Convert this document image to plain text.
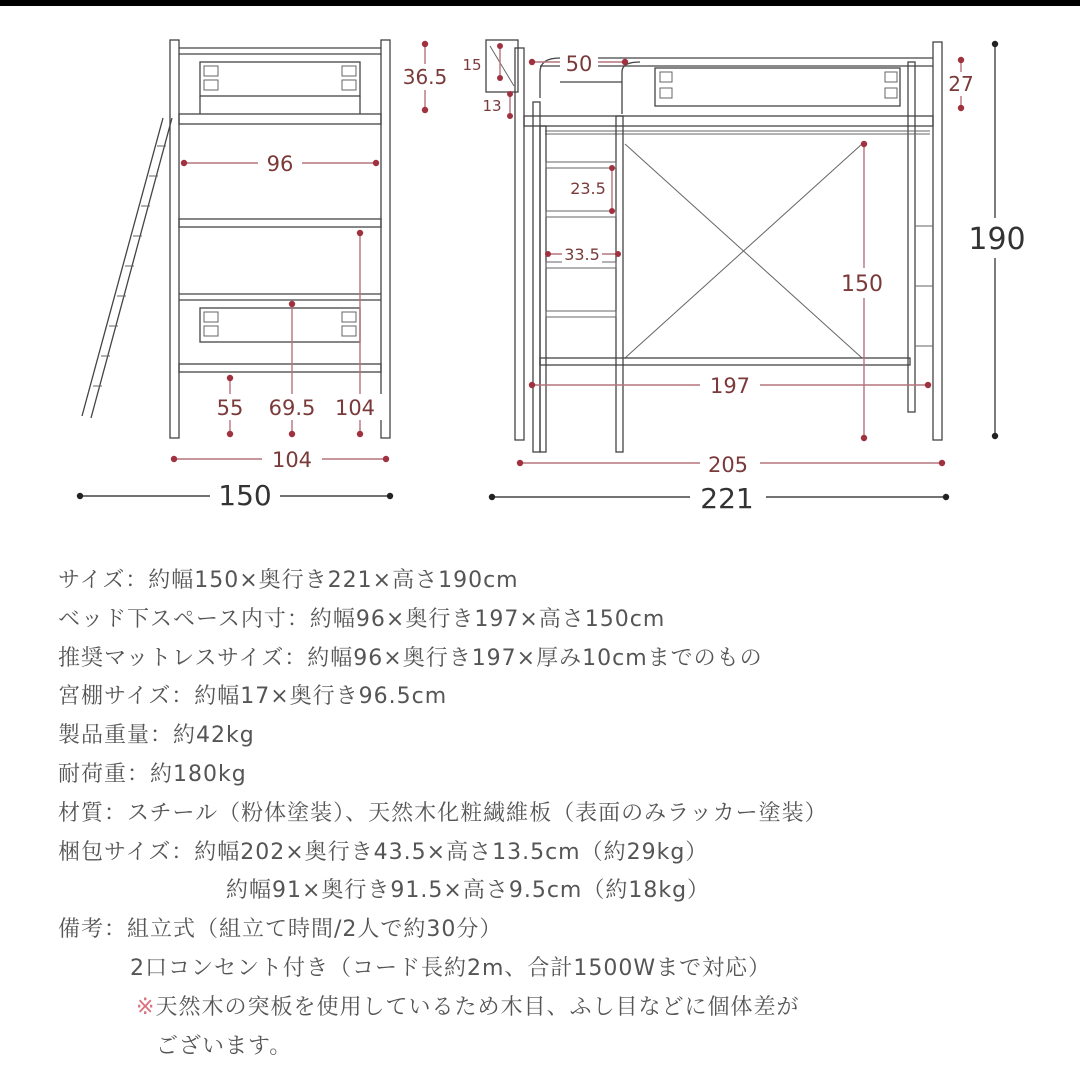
36.5
96
55 69.5 104
104
150
15
13
50
27
23.5
33.5
150
190
197
205
221
サイズ：約幅150×奥行き221×高さ190cm
ベッド下スペース内寸：約幅96×奥行き197×高さ150cm
推奨マットレスサイズ：約幅96×奥行き197×厚み10cmまでのもの
宮棚サイズ：約幅17×奥行き96.5cm
製品重量：約42kg
耐荷重：約180kg
材質：スチール（粉体塗装）、天然木化粧繊維板（表面のみラッカー塗装）
梱包サイズ：約幅202×奥行き43.5×高さ13.5cm（約29kg）
約幅91×奥行き91.5×高さ9.5cm（約18kg）
備考：組立式（組立て時間/2人で約30分）
2口コンセント付き（コード長約2m、合計1500Wまで対応）
※天然木の突板を使用しているため木目、ふし目などに個体差が
ございます。
